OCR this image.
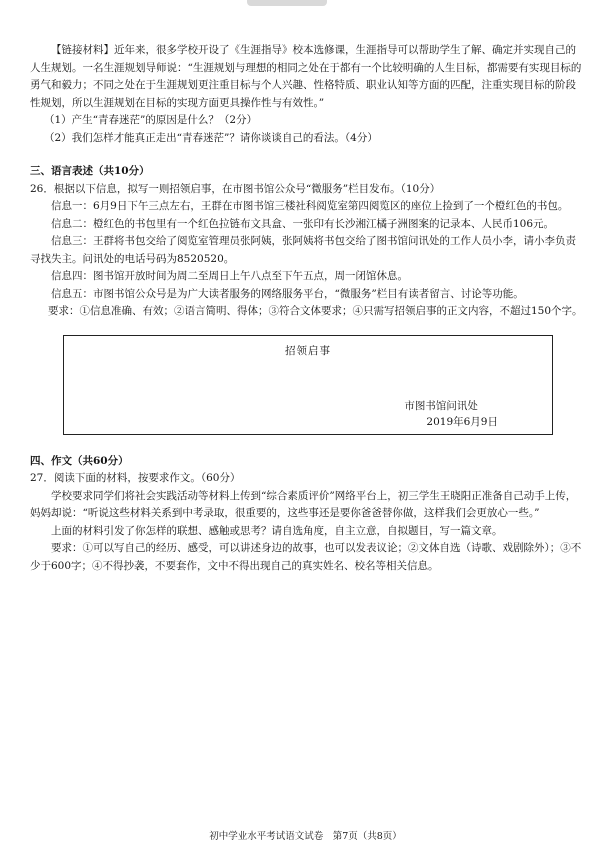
【链接材料】近年来，很多学校开设了《生涯指导》校本选修课，生涯指导可以帮助学生了解、确定并实现自己的人生规划。一名生涯规划导师说：“生涯规划与理想的相同之处在于都有一个比较明确的人生目标，都需要有实现目标的勇气和毅力；不同之处在于生涯规划更注重目标与个人兴趣、性格特质、职业认知等方面的匹配，注重实现目标的阶段性规划，所以生涯规划在目标的实现方面更具操作性与有效性。”

（1）产生“青春迷茫”的原因是什么？（2分）

（2）我们怎样才能真正走出“青春迷茫”？请你谈谈自己的看法。（4分）

三、语言表述（共10分）

26．根据以下信息，拟写一则招领启事，在市图书馆公众号“微服务”栏目发布。（10分）

信息一：6月9日下午三点左右，王群在市图书馆三楼社科阅览室第四阅览区的座位上捡到了一个橙红色的书包。

信息二：橙红色的书包里有一个红色拉链布文具盒、一张印有长沙湘江橘子洲图案的记录本、人民币106元。

信息三：王群将书包交给了阅览室管理员张阿姨，张阿姨将书包交给了图书馆问讯处的工作人员小李，请小李负责寻找失主。问讯处的电话号码为8520520。

信息四：图书馆开放时间为周二至周日上午八点至下午五点，周一闭馆休息。

信息五：市图书馆公众号是为广大读者服务的网络服务平台，“微服务”栏目有读者留言、讨论等功能。

要求：①信息准确、有效；②语言简明、得体；③符合文体要求；④只需写招领启事的正文内容，不超过150个字。

招领启事
市图书馆问讯处
2019年6月9日

四、作文（共60分）

27．阅读下面的材料，按要求作文。（60分）

学校要求同学们将社会实践活动等材料上传到“综合素质评价”网络平台上，初三学生王晓阳正准备自己动手上传，妈妈却说：“听说这些材料关系到中考录取，很重要的，这些事还是要你爸爸替你做，这样我们会更放心一些。”

上面的材料引发了你怎样的联想、感触或思考？请自选角度，自主立意，自拟题目，写一篇文章。

要求：①可以写自己的经历、感受，可以讲述身边的故事，也可以发表议论；②文体自选（诗歌、戏剧除外）；③不少于600字；④不得抄袭，不要套作，文中不得出现自己的真实姓名、校名等相关信息。

初中学业水平考试语文试卷　第7页（共8页）
